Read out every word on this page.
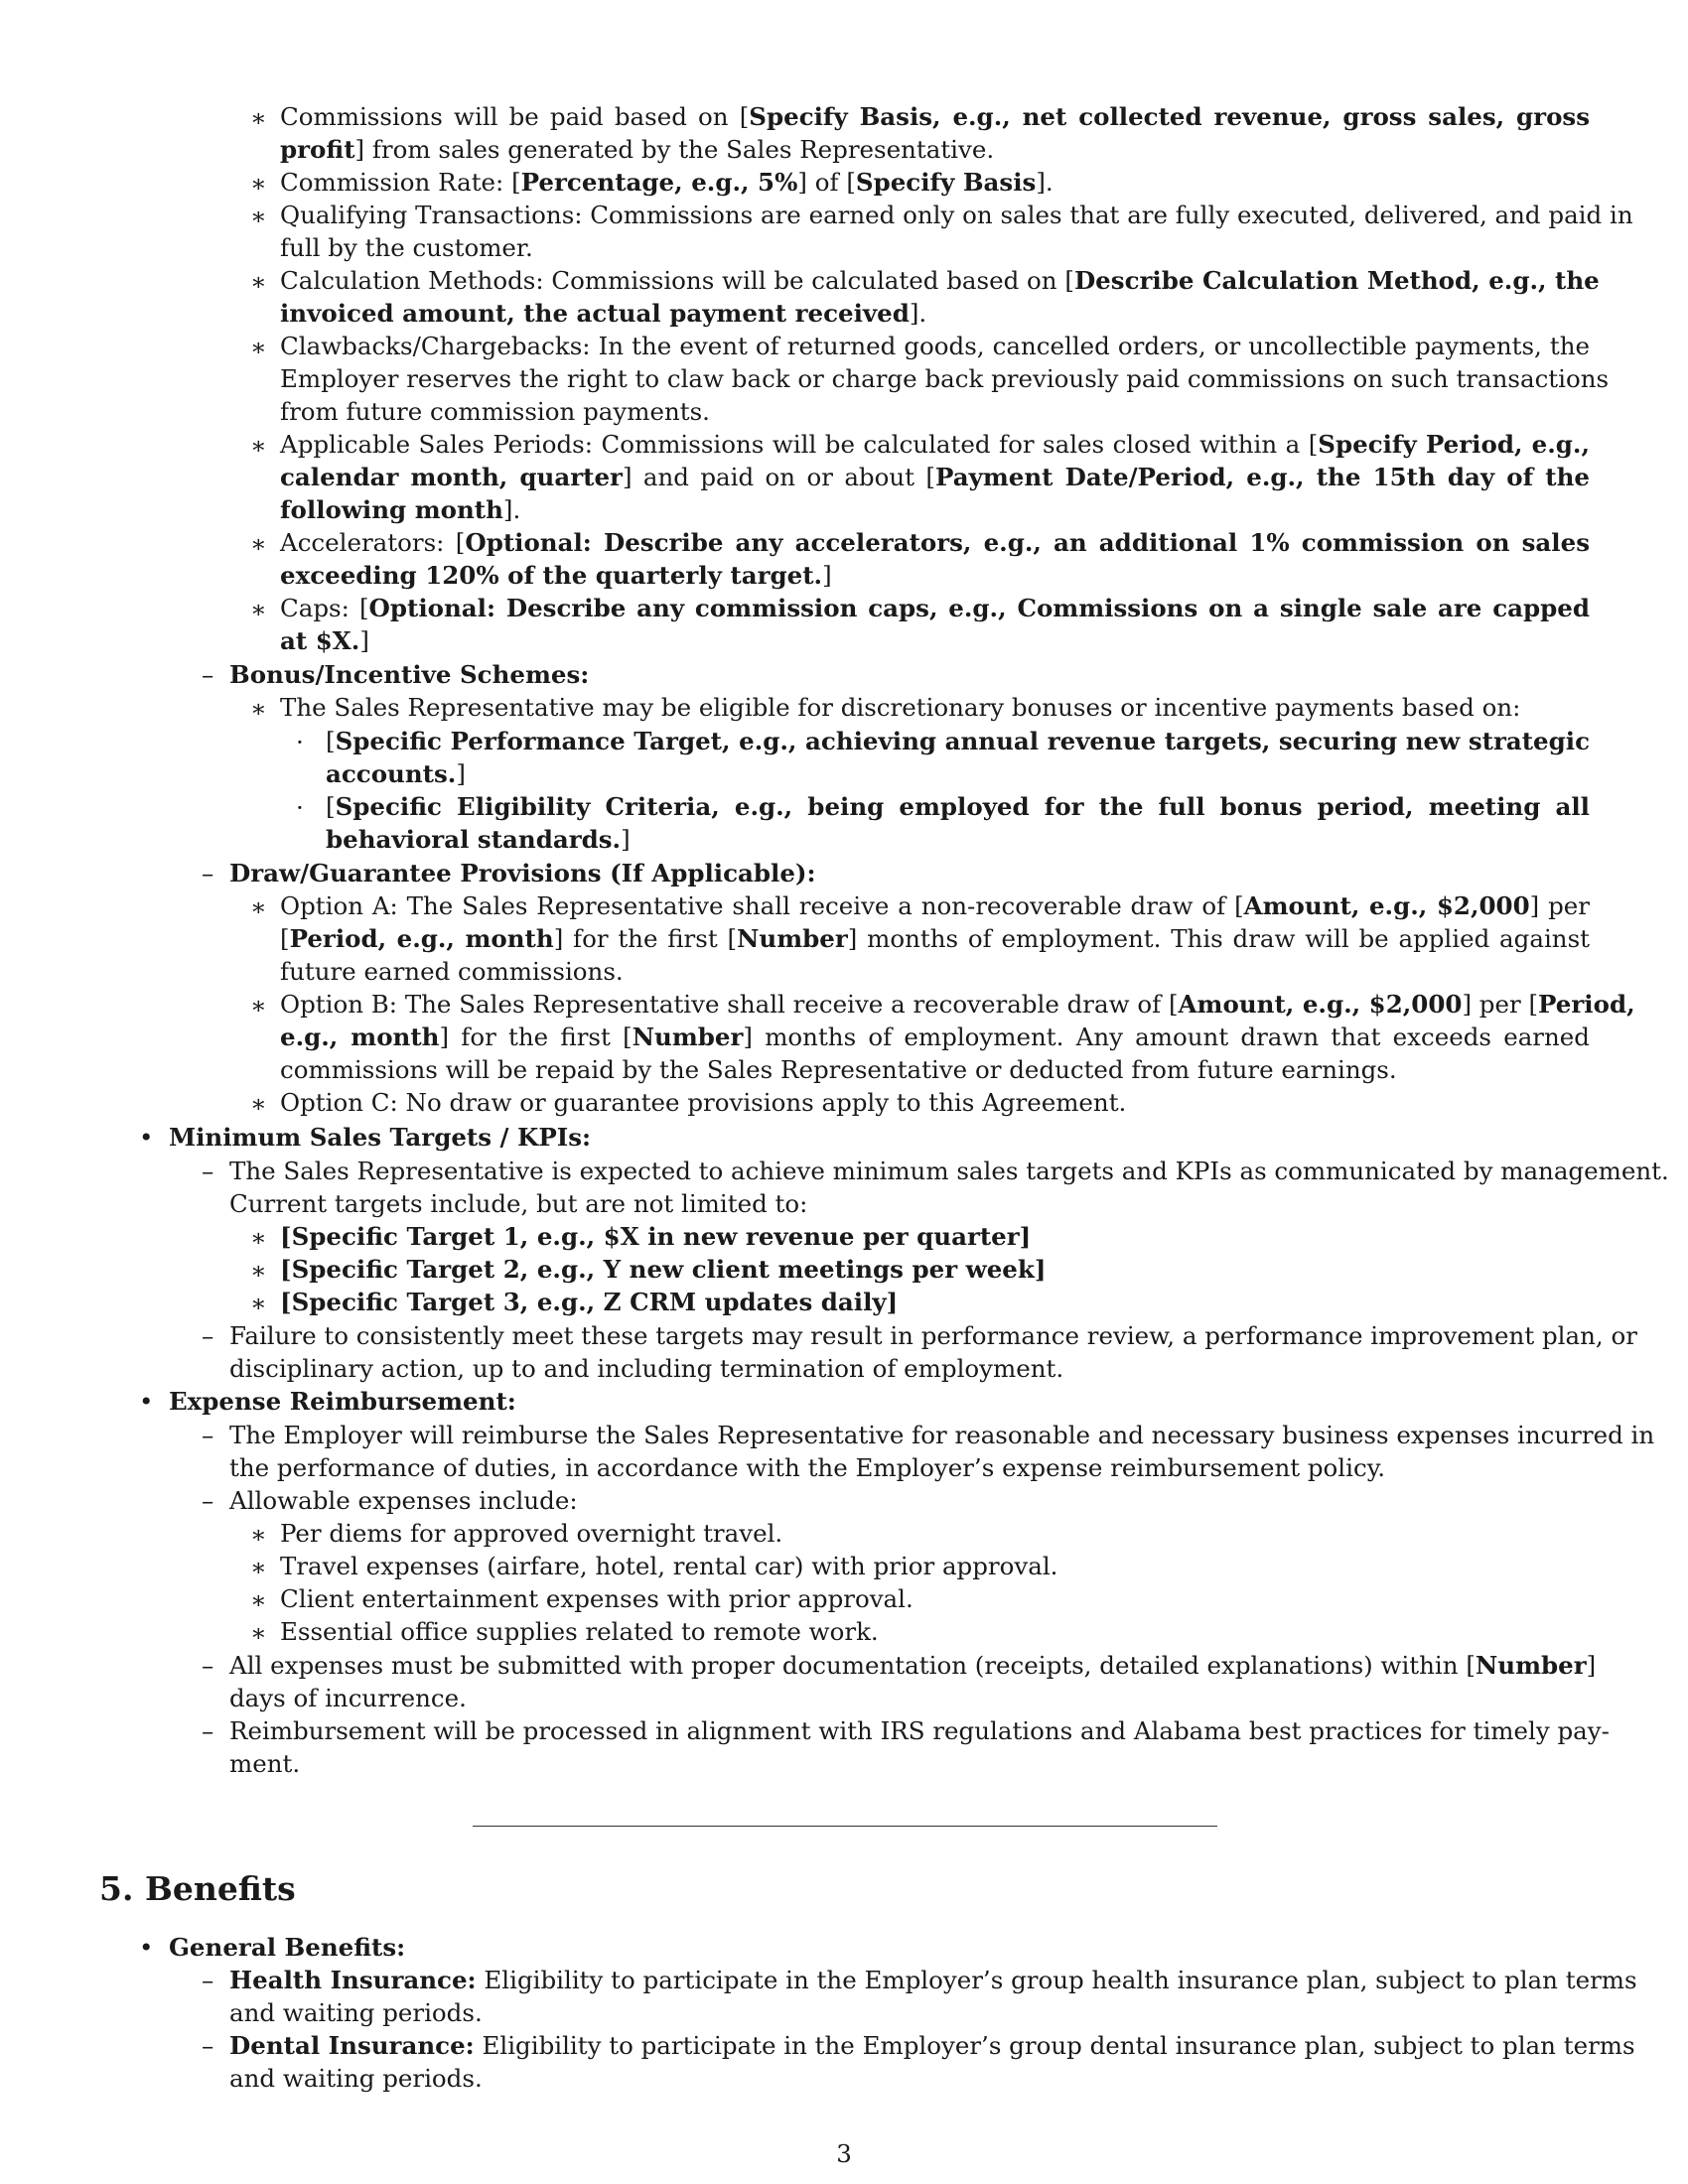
∗ Commissions will be paid based on [Specify Basis, e.g., net collected revenue, gross sales, gross
profit] from sales generated by the Sales Representative.
∗ Commission Rate: [Percentage, e.g., 5%] of [Specify Basis].
∗ Qualifying Transactions: Commissions are earned only on sales that are fully executed, delivered, and paid in
full by the customer.
∗ Calculation Methods: Commissions will be calculated based on [Describe Calculation Method, e.g., the
invoiced amount, the actual payment received].
∗ Clawbacks/Chargebacks: In the event of returned goods, cancelled orders, or uncollectible payments, the
Employer reserves the right to claw back or charge back previously paid commissions on such transactions
from future commission payments.
∗ Applicable Sales Periods: Commissions will be calculated for sales closed within a [Specify Period, e.g.,
calendar month, quarter] and paid on or about [Payment Date/Period, e.g., the 15th day of the
following month].
∗ Accelerators: [Optional: Describe any accelerators, e.g., an additional 1% commission on sales
exceeding 120% of the quarterly target.]
∗ Caps: [Optional: Describe any commission caps, e.g., Commissions on a single sale are capped
at $X.]
– Bonus/Incentive Schemes:
∗ The Sales Representative may be eligible for discretionary bonuses or incentive payments based on:
· [Specific Performance Target, e.g., achieving annual revenue targets, securing new strategic
accounts.]
· [Specific Eligibility Criteria, e.g., being employed for the full bonus period, meeting all
behavioral standards.]
– Draw/Guarantee Provisions (If Applicable):
∗ Option A: The Sales Representative shall receive a non-recoverable draw of [Amount, e.g., $2,000] per
[Period, e.g., month] for the first [Number] months of employment. This draw will be applied against
future earned commissions.
∗ Option B: The Sales Representative shall receive a recoverable draw of [Amount, e.g., $2,000] per [Period,
e.g., month] for the first [Number] months of employment. Any amount drawn that exceeds earned
commissions will be repaid by the Sales Representative or deducted from future earnings.
∗ Option C: No draw or guarantee provisions apply to this Agreement.
• Minimum Sales Targets / KPIs:
– The Sales Representative is expected to achieve minimum sales targets and KPIs as communicated by management.
Current targets include, but are not limited to:
∗ [Specific Target 1, e.g., $X in new revenue per quarter]
∗ [Specific Target 2, e.g., Y new client meetings per week]
∗ [Specific Target 3, e.g., Z CRM updates daily]
– Failure to consistently meet these targets may result in performance review, a performance improvement plan, or
disciplinary action, up to and including termination of employment.
• Expense Reimbursement:
– The Employer will reimburse the Sales Representative for reasonable and necessary business expenses incurred in
the performance of duties, in accordance with the Employer’s expense reimbursement policy.
– Allowable expenses include:
∗ Per diems for approved overnight travel.
∗ Travel expenses (airfare, hotel, rental car) with prior approval.
∗ Client entertainment expenses with prior approval.
∗ Essential office supplies related to remote work.
– All expenses must be submitted with proper documentation (receipts, detailed explanations) within [Number]
days of incurrence.
– Reimbursement will be processed in alignment with IRS regulations and Alabama best practices for timely pay-
ment.
5. Benefits
• General Benefits:
– Health Insurance: Eligibility to participate in the Employer’s group health insurance plan, subject to plan terms
and waiting periods.
– Dental Insurance: Eligibility to participate in the Employer’s group dental insurance plan, subject to plan terms
and waiting periods.
3
